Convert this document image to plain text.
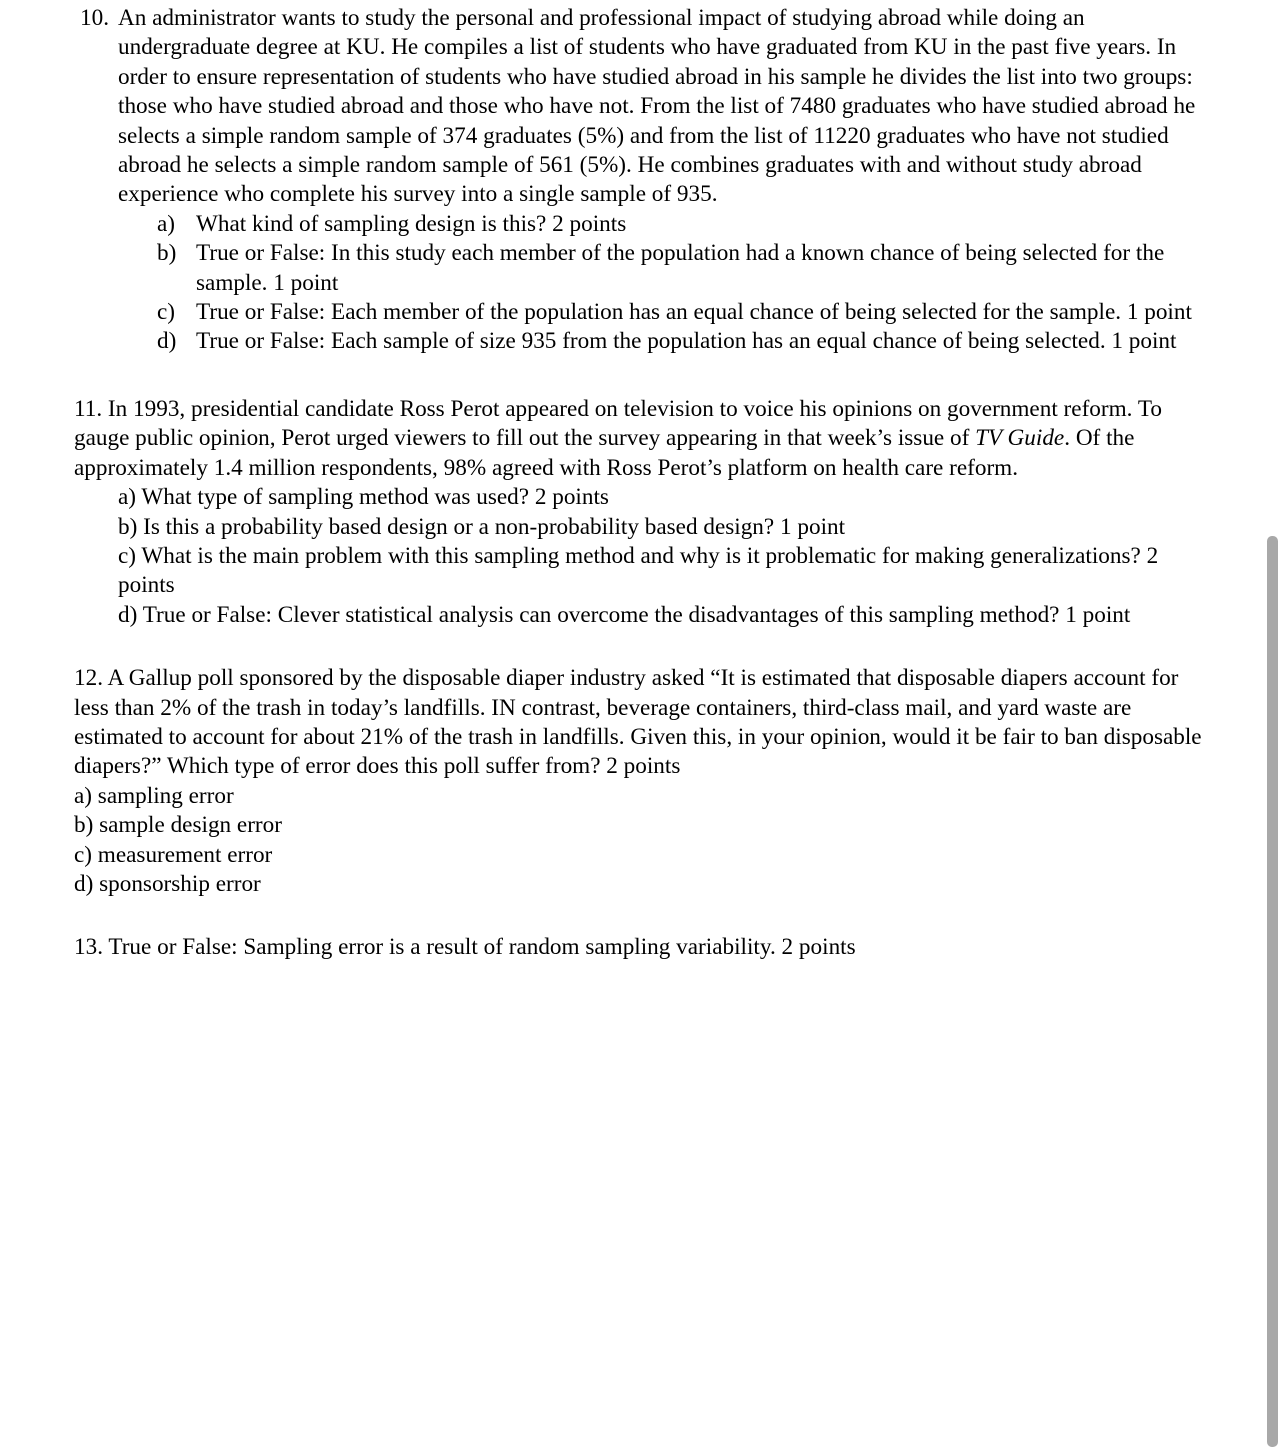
10. An administrator wants to study the personal and professional impact of studying abroad while doing an undergraduate degree at KU. He compiles a list of students who have graduated from KU in the past five years. In order to ensure representation of students who have studied abroad in his sample he divides the list into two groups: those who have studied abroad and those who have not. From the list of 7480 graduates who have studied abroad he selects a simple random sample of 374 graduates (5%) and from the list of 11220 graduates who have not studied abroad he selects a simple random sample of 561 (5%). He combines graduates with and without study abroad experience who complete his survey into a single sample of 935.

a) What kind of sampling design is this? 2 points
b) True or False: In this study each member of the population had a known chance of being selected for the sample. 1 point
c) True or False: Each member of the population has an equal chance of being selected for the sample. 1 point
d) True or False: Each sample of size 935 from the population has an equal chance of being selected. 1 point

11. In 1993, presidential candidate Ross Perot appeared on television to voice his opinions on government reform. To gauge public opinion, Perot urged viewers to fill out the survey appearing in that week’s issue of TV Guide. Of the approximately 1.4 million respondents, 98% agreed with Ross Perot’s platform on health care reform.

a) What type of sampling method was used? 2 points
b) Is this a probability based design or a non-probability based design? 1 point
c) What is the main problem with this sampling method and why is it problematic for making generalizations? 2 points
d) True or False: Clever statistical analysis can overcome the disadvantages of this sampling method? 1 point

12. A Gallup poll sponsored by the disposable diaper industry asked “It is estimated that disposable diapers account for less than 2% of the trash in today’s landfills. IN contrast, beverage containers, third-class mail, and yard waste are estimated to account for about 21% of the trash in landfills. Given this, in your opinion, would it be fair to ban disposable diapers?” Which type of error does this poll suffer from? 2 points

a) sampling error
b) sample design error
c) measurement error
d) sponsorship error

13. True or False: Sampling error is a result of random sampling variability. 2 points
